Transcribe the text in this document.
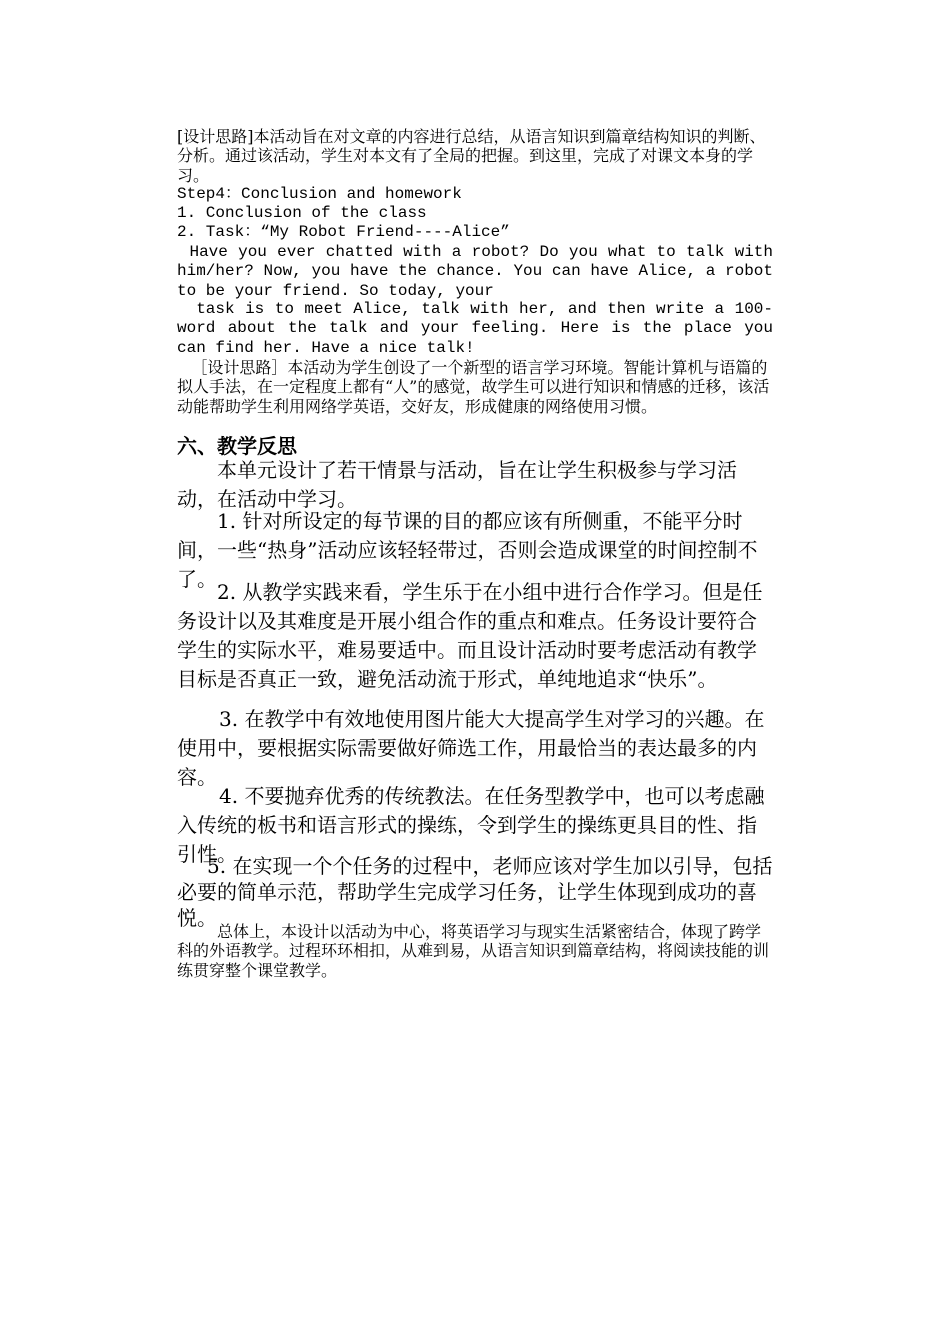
[设计思路]本活动旨在对文章的内容进行总结，从语言知识到篇章结构知识的判断、分析。通过该活动，学生对本文有了全局的把握。到这里，完成了对课文本身的学习。

Step4：Conclusion and homework

1. Conclusion of the class

2. Task：“My Robot Friend----Alice”

Have you ever chatted with a robot? Do you what to talk with him/her? Now, you have the chance. You can have Alice, a robot to be your friend. So today, your

task is to meet Alice, talk with her, and then write a 100-word about the talk and your feeling. Here is the place you can find her. Have a nice talk!

［设计思路］本活动为学生创设了一个新型的语言学习环境。智能计算机与语篇的拟人手法，在一定程度上都有“人”的感觉，故学生可以进行知识和情感的迁移，该活动能帮助学生利用网络学英语，交好友，形成健康的网络使用习惯。

六、教学反思

本单元设计了若干情景与活动，旨在让学生积极参与学习活动，在活动中学习。

1. 针对所设定的每节课的目的都应该有所侧重，不能平分时间，一些“热身”活动应该轻轻带过，否则会造成课堂的时间控制不了。

2. 从教学实践来看，学生乐于在小组中进行合作学习。但是任务设计以及其难度是开展小组合作的重点和难点。任务设计要符合学生的实际水平，难易要适中。而且设计活动时要考虑活动有教学目标是否真正一致，避免活动流于形式，单纯地追求“快乐”。

3. 在教学中有效地使用图片能大大提高学生对学习的兴趣。在使用中，要根据实际需要做好筛选工作，用最恰当的表达最多的内容。

4. 不要抛弃优秀的传统教法。在任务型教学中，也可以考虑融入传统的板书和语言形式的操练，令到学生的操练更具目的性、指引性。

5. 在实现一个个任务的过程中，老师应该对学生加以引导，包括必要的简单示范，帮助学生完成学习任务，让学生体现到成功的喜悦。

总体上，本设计以活动为中心，将英语学习与现实生活紧密结合，体现了跨学科的外语教学。过程环环相扣，从难到易，从语言知识到篇章结构，将阅读技能的训练贯穿整个课堂教学。
